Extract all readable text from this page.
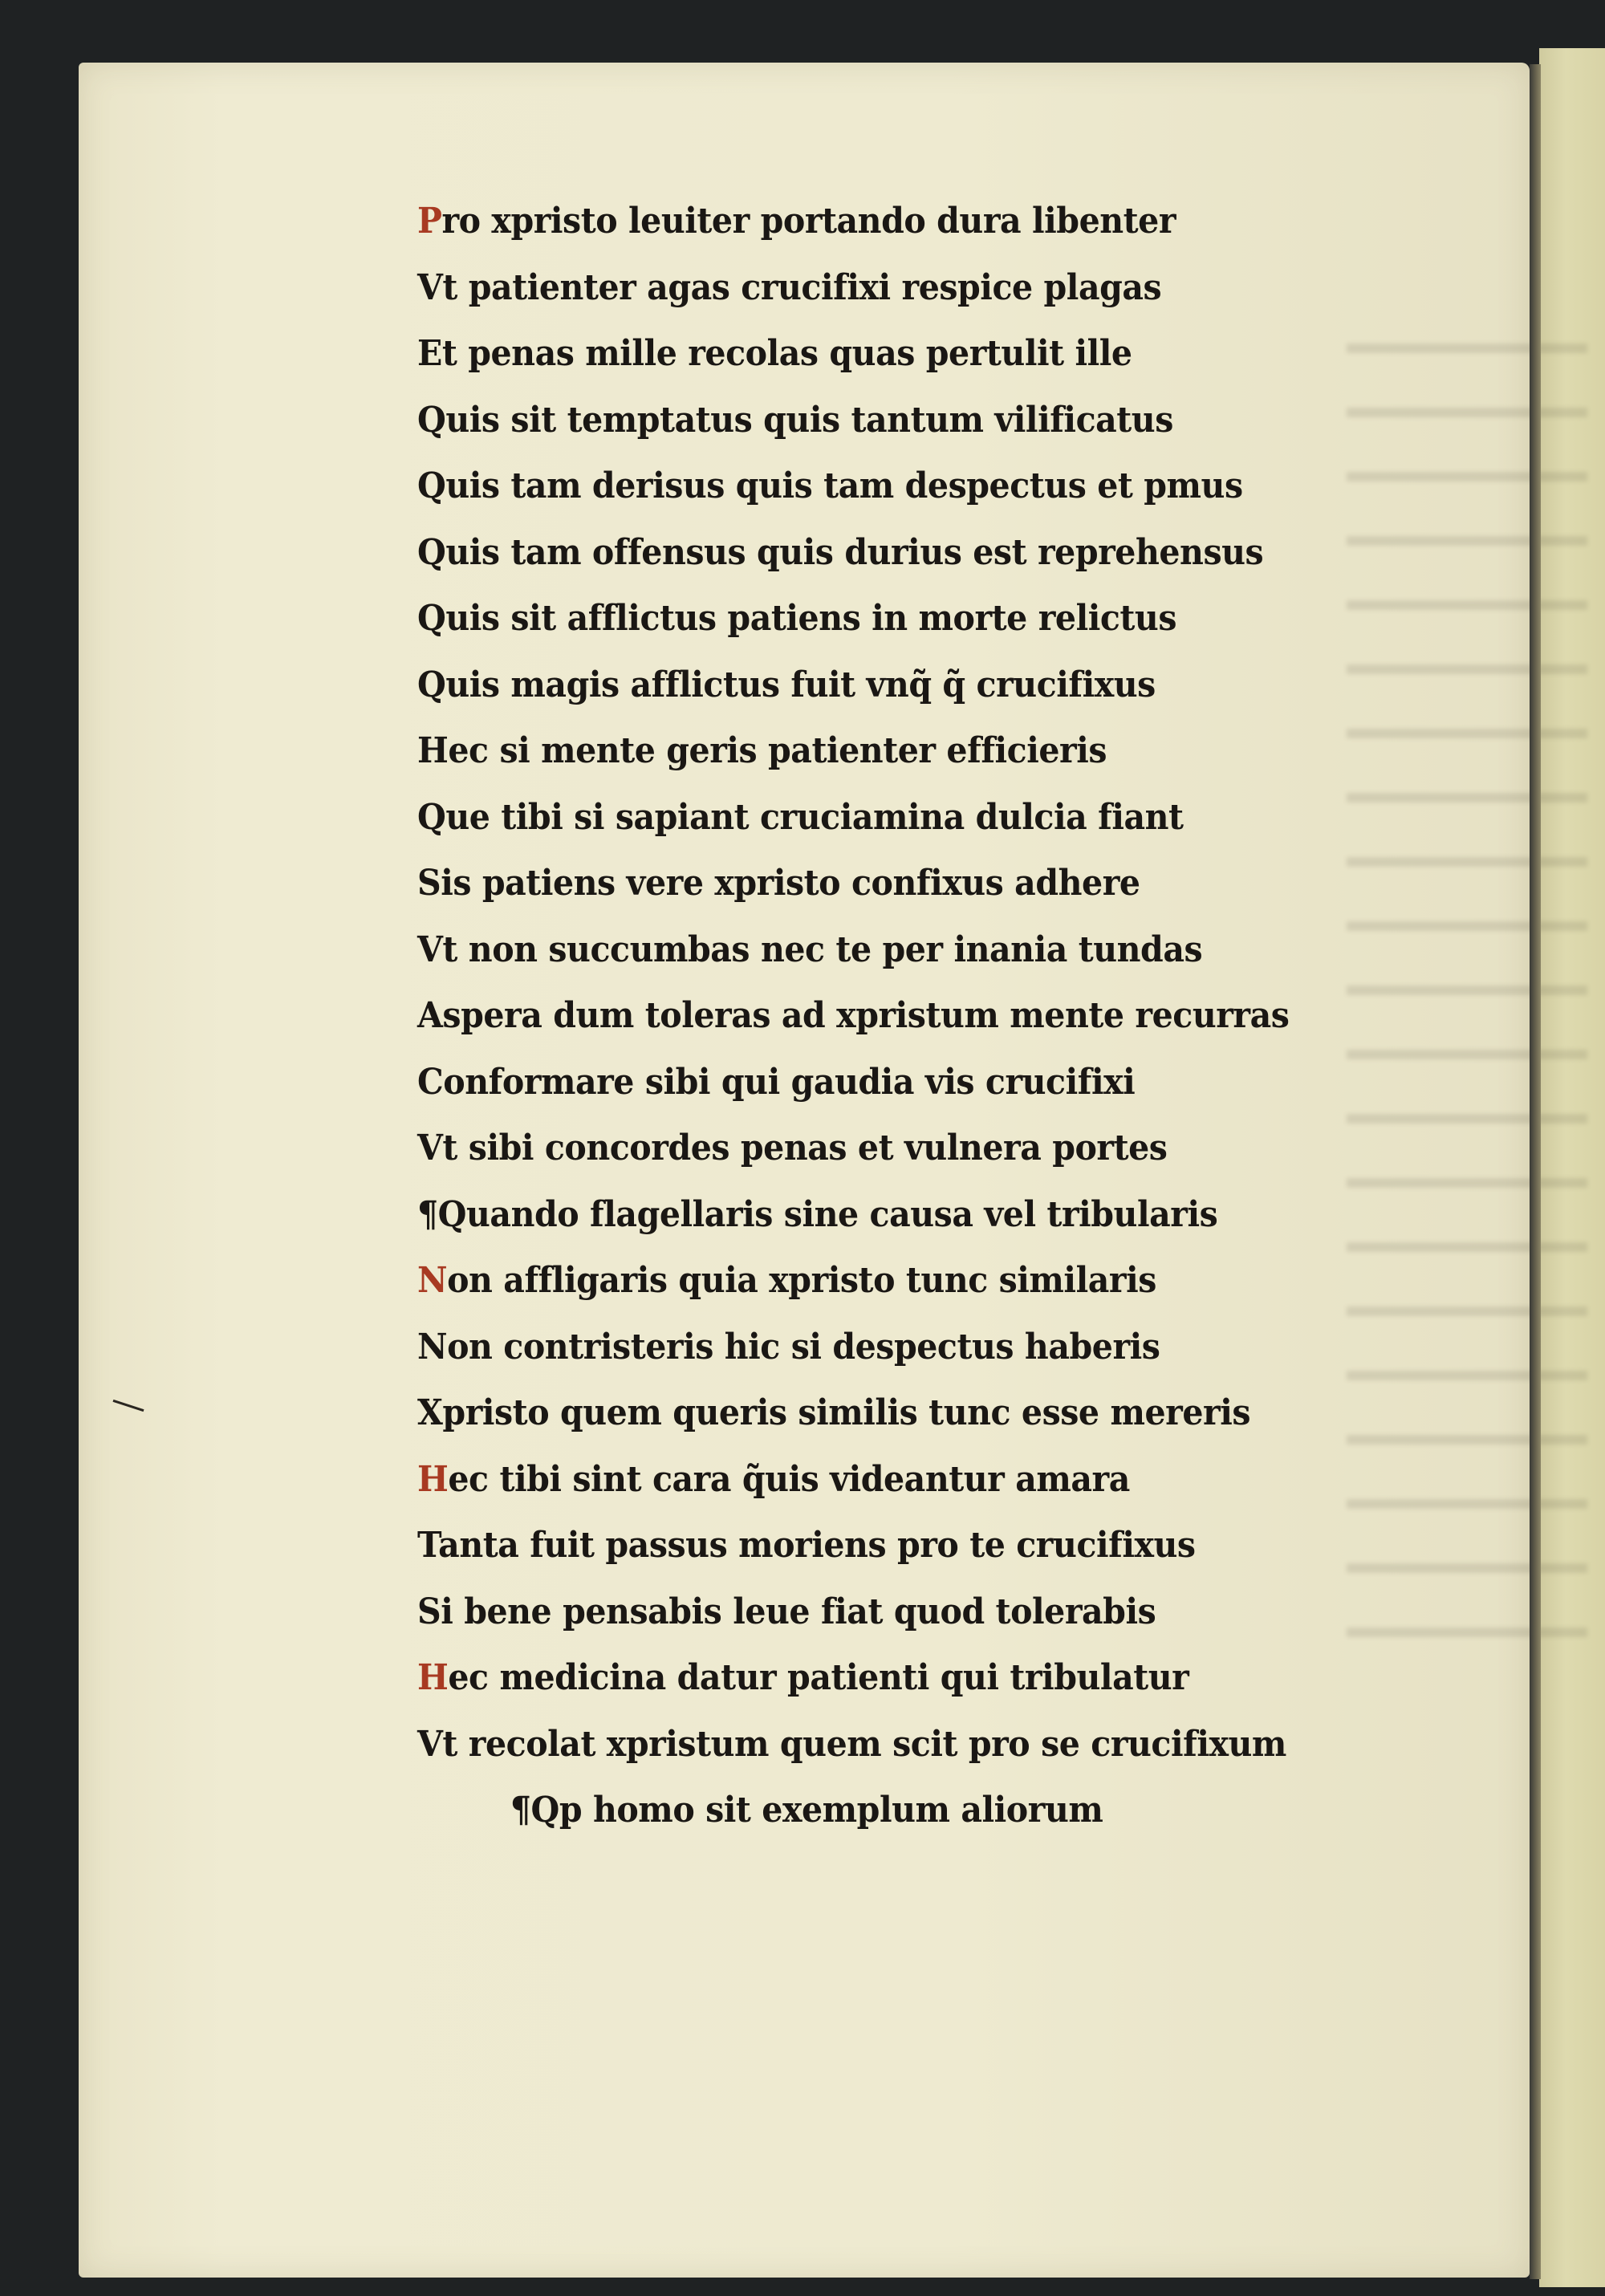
Pro xpristo leuiter portando dura libenter
Vt patienter agas crucifixi respice plagas
Et penas mille recolas quas pertulit ille
Quis sit temptatus quis tantum vilificatus
Quis tam derisus quis tam despectus et pmus
Quis tam offensus quis durius est reprehensus
Quis sit afflictus patiens in morte relictus
Quis magis afflictus fuit vnq̃ q̃ crucifixus
Hec si mente geris patienter efficieris
Que tibi si sapiant cruciamina dulcia fiant
Sis patiens vere xpristo confixus adhere
Vt non succumbas nec te per inania tundas
Aspera dum toleras ad xpristum mente recurras
Conformare sibi qui gaudia vis crucifixi
Vt sibi concordes penas et vulnera portes
¶Quando flagellaris sine causa vel tribularis
Non affligaris quia xpristo tunc similaris
Non contristeris hic si despectus haberis
Xpristo quem queris similis tunc esse mereris
Hec tibi sint cara q̃uis videantur amara
Tanta fuit passus moriens pro te crucifixus
Si bene pensabis leue fiat quod tolerabis
Hec medicina datur patienti qui tribulatur
Vt recolat xpristum quem scit pro se crucifixum
¶Qp homo sit exemplum aliorum
